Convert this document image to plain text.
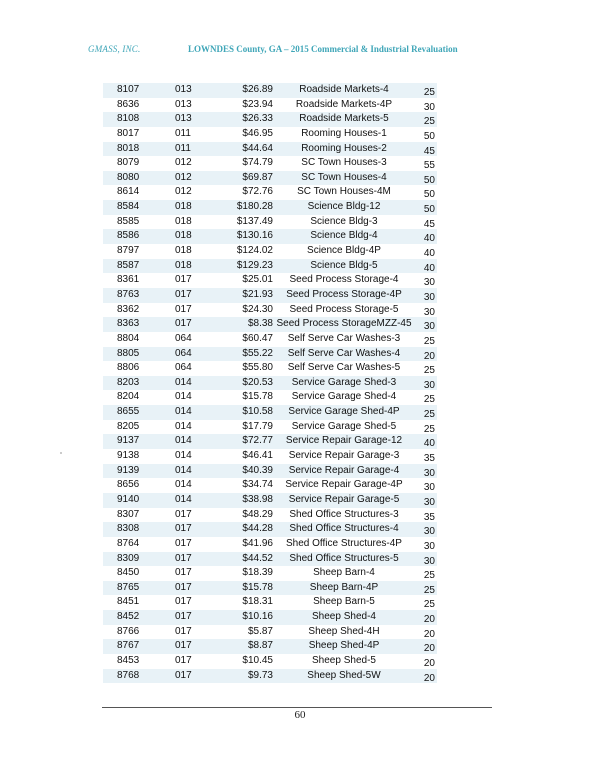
GMASS, INC.	LOWNDES County, GA – 2015 Commercial & Industrial Revaluation
8107	013	$26.89	Roadside Markets-4	25
8636	013	$23.94	Roadside Markets-4P	30
8108	013	$26.33	Roadside Markets-5	25
8017	011	$46.95	Rooming Houses-1	50
8018	011	$44.64	Rooming Houses-2	45
8079	012	$74.79	SC Town Houses-3	55
8080	012	$69.87	SC Town Houses-4	50
8614	012	$72.76	SC Town Houses-4M	50
8584	018	$180.28	Science Bldg-12	50
8585	018	$137.49	Science Bldg-3	45
8586	018	$130.16	Science Bldg-4	40
8797	018	$124.02	Science Bldg-4P	40
8587	018	$129.23	Science Bldg-5	40
8361	017	$25.01	Seed Process Storage-4	30
8763	017	$21.93	Seed Process Storage-4P	30
8362	017	$24.30	Seed Process Storage-5	30
8363	017	$8.38 Seed Process StorageMZZ-45	30
8804	064	$60.47	Self Serve Car Washes-3	25
8805	064	$55.22	Self Serve Car Washes-4	20
8806	064	$55.80	Self Serve Car Washes-5	25
8203	014	$20.53	Service Garage Shed-3	30
8204	014	$15.78	Service Garage Shed-4	25
8655	014	$10.58	Service Garage Shed-4P	25
8205	014	$17.79	Service Garage Shed-5	25
9137	014	$72.77	Service Repair Garage-12	40
9138	014	$46.41	Service Repair Garage-3	35
9139	014	$40.39	Service Repair Garage-4	30
8656	014	$34.74	Service Repair Garage-4P	30
9140	014	$38.98	Service Repair Garage-5	30
8307	017	$48.29	Shed Office Structures-3	35
8308	017	$44.28	Shed Office Structures-4	30
8764	017	$41.96	Shed Office Structures-4P	30
8309	017	$44.52	Shed Office Structures-5	30
8450	017	$18.39	Sheep Barn-4	25
8765	017	$15.78	Sheep Barn-4P	25
8451	017	$18.31	Sheep Barn-5	25
8452	017	$10.16	Sheep Shed-4	20
8766	017	$5.87	Sheep Shed-4H	20
8767	017	$8.87	Sheep Shed-4P	20
8453	017	$10.45	Sheep Shed-5	20
8768	017	$9.73	Sheep Shed-5W	20
60
